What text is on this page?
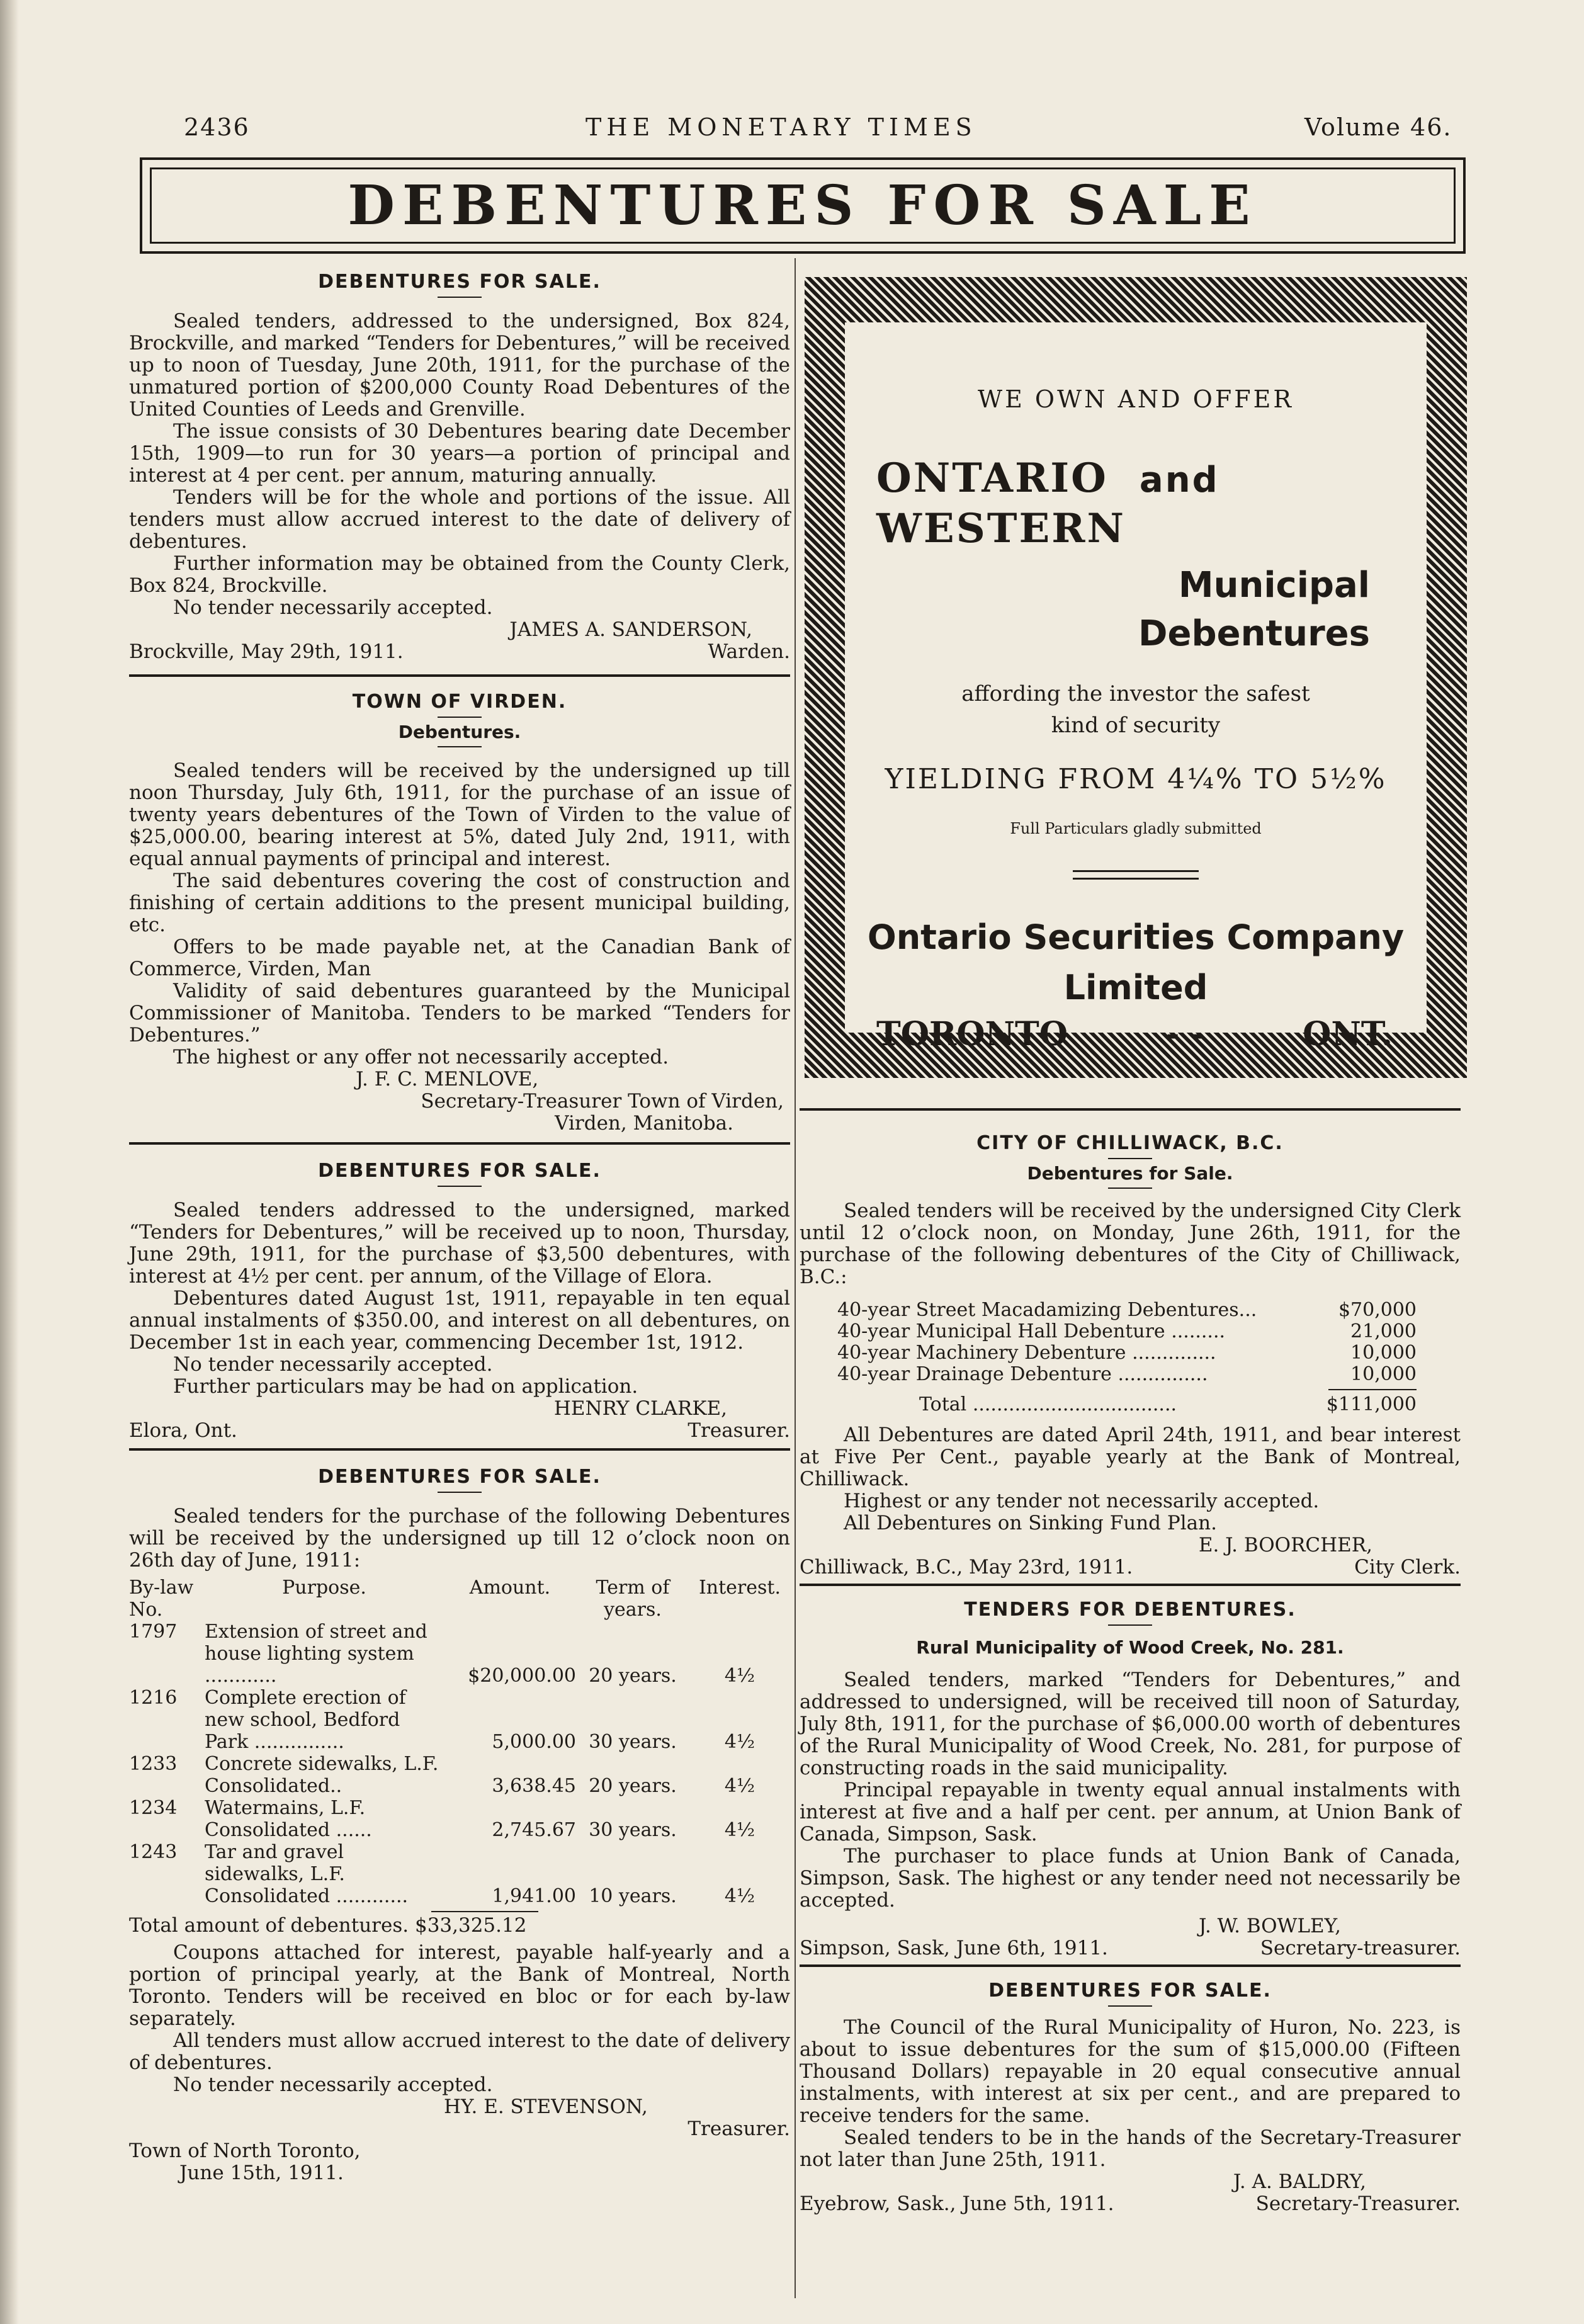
2436	THE MONETARY TIMES	Volume 46.
DEBENTURES FOR SALE
DEBENTURES FOR SALE.

Sealed tenders, addressed to the undersigned, Box 824, Brockville, and marked “Tenders for Debentures,” will be received up to noon of Tuesday, June 20th, 1911, for the purchase of the unmatured portion of $200,000 County Road Debentures of the United Counties of Leeds and Grenville.

The issue consists of 30 Debentures bearing date December 15th, 1909—to run for 30 years—a portion of principal and interest at 4 per cent. per annum, maturing annually.

Tenders will be for the whole and portions of the issue. All tenders must allow accrued interest to the date of delivery of debentures.

Further information may be obtained from the County Clerk, Box 824, Brockville.

No tender necessarily accepted.

JAMES A. SANDERSON,
Brockville, May 29th, 1911.	Warden.
TOWN OF VIRDEN.
Debentures.

Sealed tenders will be received by the undersigned up till noon Thursday, July 6th, 1911, for the purchase of an issue of twenty years debentures of the Town of Virden to the value of $25,000.00, bearing interest at 5%, dated July 2nd, 1911, with equal annual payments of principal and interest.

The said debentures covering the cost of construction and finishing of certain additions to the present municipal building, etc.

Offers to be made payable net, at the Canadian Bank of Commerce, Virden, Man

Validity of said debentures guaranteed by the Municipal Commissioner of Manitoba. Tenders to be marked “Tenders for Debentures.”

The highest or any offer not necessarily accepted.

J. F. C. MENLOVE,
Secretary-Treasurer Town of Virden,
Virden, Manitoba.
DEBENTURES FOR SALE.

Sealed tenders addressed to the undersigned, marked “Tenders for Debentures,” will be received up to noon, Thursday, June 29th, 1911, for the purchase of $3,500 debentures, with interest at 4½ per cent. per annum, of the Village of Elora.

Debentures dated August 1st, 1911, repayable in ten equal annual instalments of $350.00, and interest on all debentures, on December 1st in each year, commencing December 1st, 1912.

No tender necessarily accepted.

Further particulars may be had on application.

HENRY CLARKE,
Elora, Ont.	Treasurer.
DEBENTURES FOR SALE.

Sealed tenders for the purchase of the following Debentures will be received by the undersigned up till 12 o’clock noon on 26th day of June, 1911:

By-law No.	Purpose.	Amount.	Term of years.	Interest.
1797	Extension of street and house lighting system ............	$20,000.00	20 years.	4½
1216	Complete erection of new school, Bedford Park ...............	5,000.00	30 years.	4½
1233	Concrete sidewalks, L.F. Consolidated..	3,638.45	20 years.	4½
1234	Watermains, L.F. Consolidated ......	2,745.67	30 years.	4½
1243	Tar and gravel sidewalks, L.F. Consolidated ............	1,941.00	10 years.	4½
Total amount of debentures. $33,325.12

Coupons attached for interest, payable half-yearly and a portion of principal yearly, at the Bank of Montreal, North Toronto. Tenders will be received en bloc or for each by-law separately.

All tenders must allow accrued interest to the date of delivery of debentures.

No tender necessarily accepted.

HY. E. STEVENSON,
Treasurer.
Town of North Toronto,
June 15th, 1911.
WE OWN AND OFFER
ONTARIO and
WESTERN
Municipal
Debentures
affording the investor the safest
kind of security
YIELDING FROM 4¼% TO 5½%
Full Particulars gladly submitted
Ontario Securities Company
Limited
TORONTO	- -	ONT.
CITY OF CHILLIWACK, B.C.
Debentures for Sale.

Sealed tenders will be received by the undersigned City Clerk until 12 o’clock noon, on Monday, June 26th, 1911, for the purchase of the following debentures of the City of Chilliwack, B.C.:

40-year Street Macadamizing Debentures...	$70,000
40-year Municipal Hall Debenture .........	21,000
40-year Machinery Debenture ..............	10,000
40-year Drainage Debenture ...............	10,000
Total ..................................	$111,000

All Debentures are dated April 24th, 1911, and bear interest at Five Per Cent., payable yearly at the Bank of Montreal, Chilliwack.

Highest or any tender not necessarily accepted.

All Debentures on Sinking Fund Plan.

E. J. BOORCHER,
Chilliwack, B.C., May 23rd, 1911.	City Clerk.
TENDERS FOR DEBENTURES.
Rural Municipality of Wood Creek, No. 281.

Sealed tenders, marked “Tenders for Debentures,” and addressed to undersigned, will be received till noon of Saturday, July 8th, 1911, for the purchase of $6,000.00 worth of debentures of the Rural Municipality of Wood Creek, No. 281, for purpose of constructing roads in the said municipality.

Principal repayable in twenty equal annual instalments with interest at five and a half per cent. per annum, at Union Bank of Canada, Simpson, Sask.

The purchaser to place funds at Union Bank of Canada, Simpson, Sask. The highest or any tender need not necessarily be accepted.

J. W. BOWLEY,
Simpson, Sask, June 6th, 1911.	Secretary-treasurer.
DEBENTURES FOR SALE.

The Council of the Rural Municipality of Huron, No. 223, is about to issue debentures for the sum of $15,000.00 (Fifteen Thousand Dollars) repayable in 20 equal consecutive annual instalments, with interest at six per cent., and are prepared to receive tenders for the same.

Sealed tenders to be in the hands of the Secretary-Treasurer not later than June 25th, 1911.

J. A. BALDRY,
Eyebrow, Sask., June 5th, 1911.	Secretary-Treasurer.
